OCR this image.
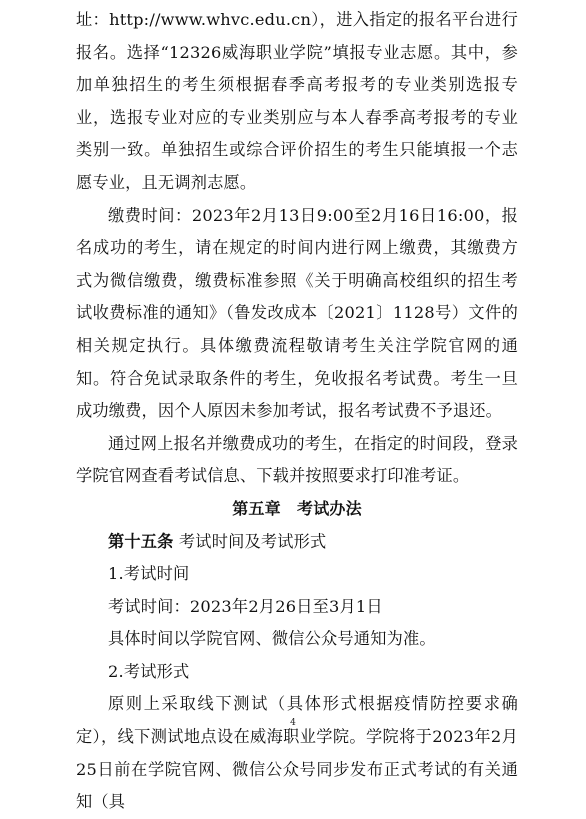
址：http://www.whvc.edu.cn），进入指定的报名平台进行报名。选择“12326威海职业学院”填报专业志愿。其中，参加单独招生的考生须根据春季高考报考的专业类别选报专业，选报专业对应的专业类别应与本人春季高考报考的专业类别一致。单独招生或综合评价招生的考生只能填报一个志愿专业，且无调剂志愿。

缴费时间：2023年2月13日9:00至2月16日16:00，报名成功的考生，请在规定的时间内进行网上缴费，其缴费方式为微信缴费，缴费标准参照《关于明确高校组织的招生考试收费标准的通知》（鲁发改成本〔2021〕1128号）文件的相关规定执行。具体缴费流程敬请考生关注学院官网的通知。符合免试录取条件的考生，免收报名考试费。考生一旦成功缴费，因个人原因未参加考试，报名考试费不予退还。

通过网上报名并缴费成功的考生，在指定的时间段，登录学院官网查看考试信息、下载并按照要求打印准考证。

第五章　考试办法

第十五条 考试时间及考试形式

1.考试时间

考试时间：2023年2月26日至3月1日

具体时间以学院官网、微信公众号通知为准。

2.考试形式

原则上采取线下测试（具体形式根据疫情防控要求确定），线下测试地点设在威海职业学院。学院将于2023年2月25日前在学院官网、微信公众号同步发布正式考试的有关通知（具

4
